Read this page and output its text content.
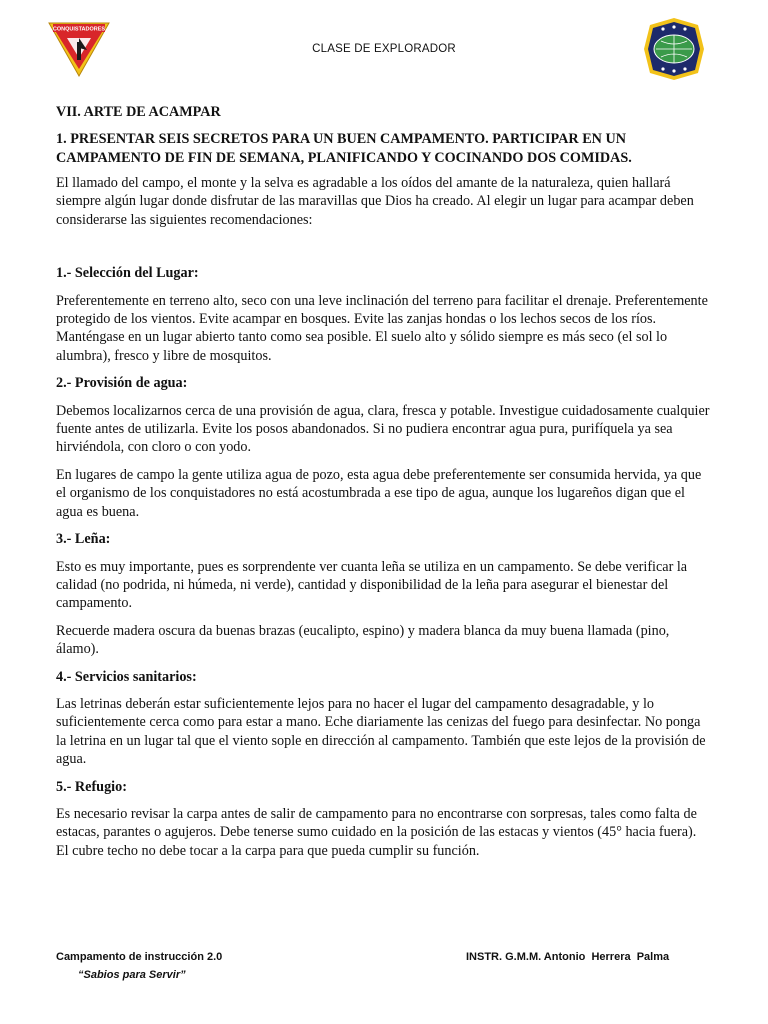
CONQUISTADORES
CLASE DE EXPLORADOR
VII. ARTE DE ACAMPAR
1. PRESENTAR SEIS SECRETOS PARA UN BUEN CAMPAMENTO. PARTICIPAR EN UN CAMPAMENTO DE FIN DE SEMANA, PLANIFICANDO Y COCINANDO DOS COMIDAS.

El llamado del campo, el monte y la selva es agradable a los oídos del amante de la naturaleza, quien hallará siempre algún lugar donde disfrutar de las maravillas que Dios ha creado. Al elegir un lugar para acampar deben considerarse las siguientes recomendaciones:

1.- Selección del Lugar:

Preferentemente en terreno alto, seco con una leve inclinación del terreno para facilitar el drenaje. Preferentemente protegido de los vientos. Evite acampar en bosques. Evite las zanjas hondas o los lechos secos de los ríos. Manténgase en un lugar abierto tanto como sea posible. El suelo alto y sólido siempre es más seco (el sol lo alumbra), fresco y libre de mosquitos.

2.- Provisión de agua:

Debemos localizarnos cerca de una provisión de agua, clara, fresca y potable. Investigue cuidadosamente cualquier fuente antes de utilizarla. Evite los posos abandonados. Si no pudiera encontrar agua pura, purifíquela ya sea hirviéndola, con cloro o con yodo.

En lugares de campo la gente utiliza agua de pozo, esta agua debe preferentemente ser consumida hervida, ya que el organismo de los conquistadores no está acostumbrada a ese tipo de agua, aunque los lugareños digan que el agua es buena.

3.- Leña:

Esto es muy importante, pues es sorprendente ver cuanta leña se utiliza en un campamento. Se debe verificar la calidad (no podrida, ni húmeda, ni verde), cantidad y disponibilidad de la leña para asegurar el bienestar del campamento.

Recuerde madera oscura da buenas brazas (eucalipto, espino) y madera blanca da muy buena llamada (pino, álamo).

4.- Servicios sanitarios:

Las letrinas deberán estar suficientemente lejos para no hacer el lugar del campamento desagradable, y lo suficientemente cerca como para estar a mano. Eche diariamente las cenizas del fuego para desinfectar. No ponga la letrina en un lugar tal que el viento sople en dirección al campamento. También que este lejos de la provisión de agua.

5.- Refugio:

Es necesario revisar la carpa antes de salir de campamento para no encontrarse con sorpresas, tales como falta de estacas, parantes o agujeros. Debe tenerse sumo cuidado en la posición de las estacas y vientos (45° hacia fuera). El cubre techo no debe tocar a la carpa para que pueda cumplir su función.

Campamento de instrucción 2.0
“Sabios para Servir”
INSTR. G.M.M. Antonio  Herrera  Palma
